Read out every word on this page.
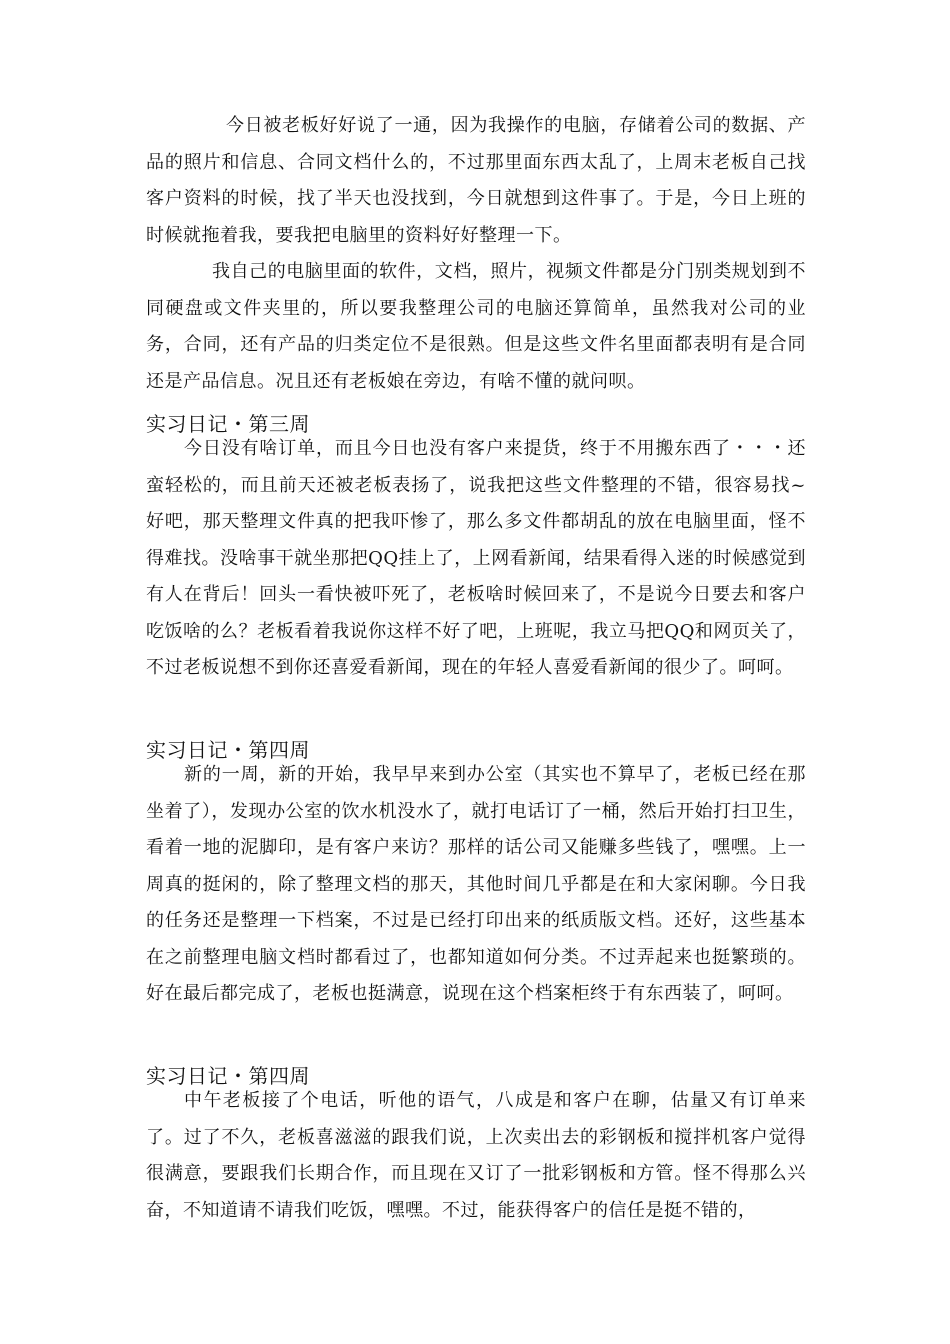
今日被老板好好说了一通，因为我操作的电脑，存储着公司的数据、产品的照片和信息、合同文档什么的，不过那里面东西太乱了，上周末老板自己找客户资料的时候，找了半天也没找到，今日就想到这件事了。于是，今日上班的时候就拖着我，要我把电脑里的资料好好整理一下。

我自己的电脑里面的软件，文档，照片，视频文件都是分门别类规划到不同硬盘或文件夹里的，所以要我整理公司的电脑还算简单，虽然我对公司的业务，合同，还有产品的归类定位不是很熟。但是这些文件名里面都表明有是合同还是产品信息。况且还有老板娘在旁边，有啥不懂的就问呗。

实习日记・第三周

今日没有啥订单，而且今日也没有客户来提货，终于不用搬东西了・・・还蛮轻松的，而且前天还被老板表扬了，说我把这些文件整理的不错，很容易找~好吧，那天整理文件真的把我吓惨了，那么多文件都胡乱的放在电脑里面，怪不得难找。没啥事干就坐那把QQ挂上了，上网看新闻，结果看得入迷的时候感觉到有人在背后！回头一看快被吓死了，老板啥时候回来了，不是说今日要去和客户吃饭啥的么？老板看着我说你这样不好了吧，上班呢，我立马把QQ和网页关了，不过老板说想不到你还喜爱看新闻，现在的年轻人喜爱看新闻的很少了。呵呵。

实习日记・第四周

新的一周，新的开始，我早早来到办公室（其实也不算早了，老板已经在那坐着了），发现办公室的饮水机没水了，就打电话订了一桶，然后开始打扫卫生，看着一地的泥脚印，是有客户来访？那样的话公司又能赚多些钱了，嘿嘿。上一周真的挺闲的，除了整理文档的那天，其他时间几乎都是在和大家闲聊。今日我的任务还是整理一下档案，不过是已经打印出来的纸质版文档。还好，这些基本在之前整理电脑文档时都看过了，也都知道如何分类。不过弄起来也挺繁琐的。好在最后都完成了，老板也挺满意，说现在这个档案柜终于有东西装了，呵呵。

实习日记・第四周

中午老板接了个电话，听他的语气，八成是和客户在聊，估量又有订单来了。过了不久，老板喜滋滋的跟我们说，上次卖出去的彩钢板和搅拌机客户觉得很满意，要跟我们长期合作，而且现在又订了一批彩钢板和方管。怪不得那么兴奋，不知道请不请我们吃饭，嘿嘿。不过，能获得客户的信任是挺不错的，
